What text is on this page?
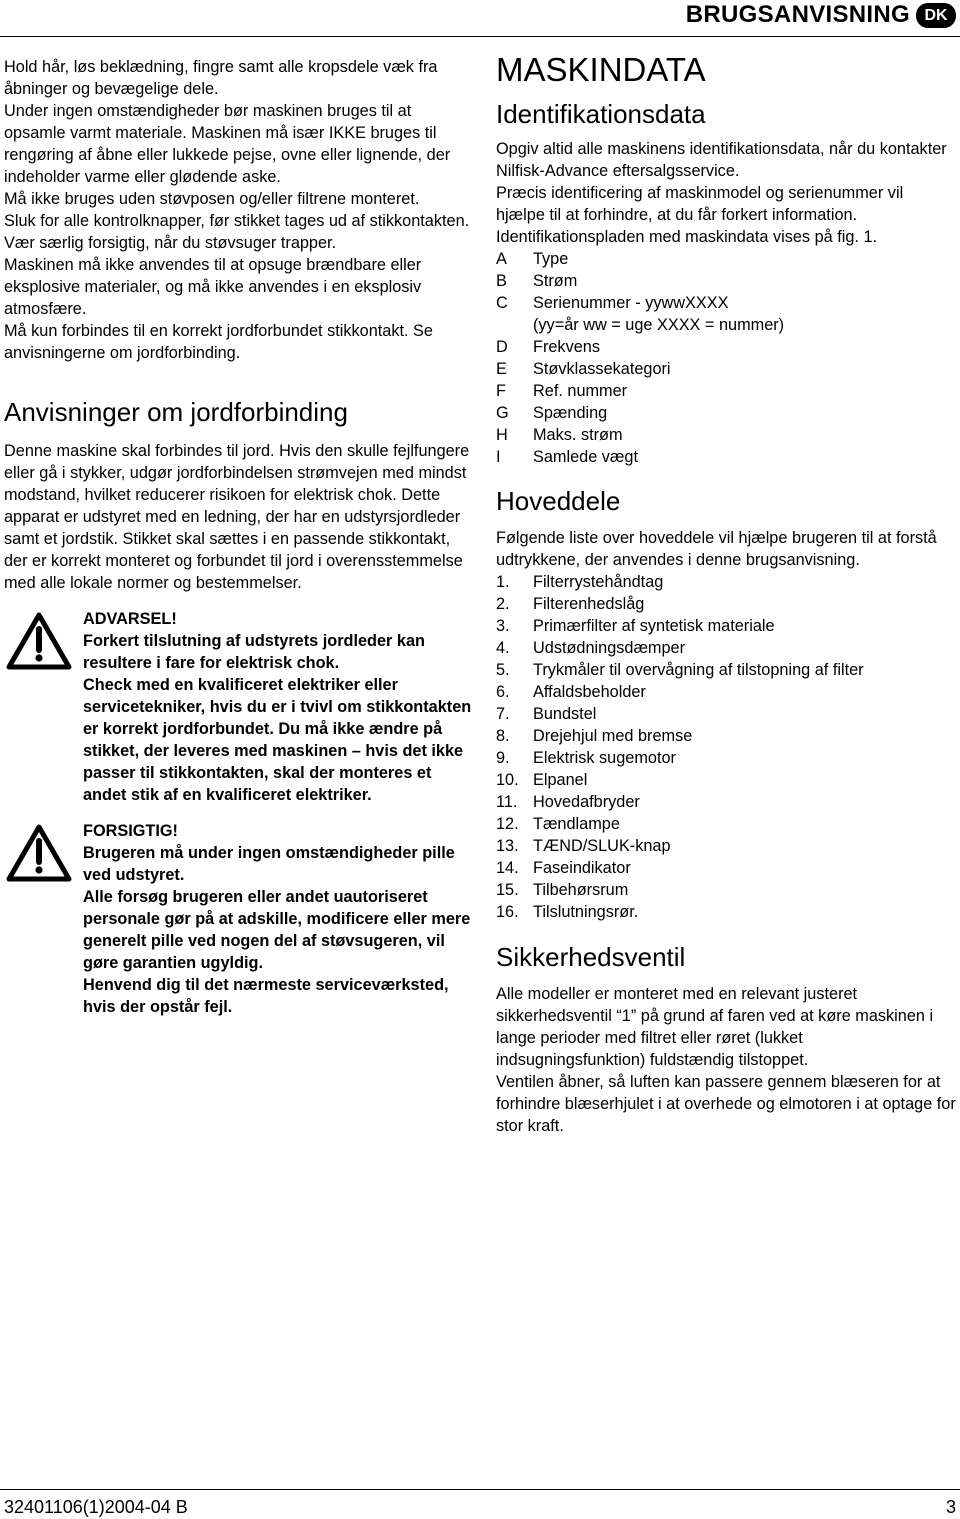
BRUGSANVISNING DK

Hold hår, løs beklædning, fingre samt alle kropsdele væk fra åbninger og bevægelige dele.

Under ingen omstændigheder bør maskinen bruges til at opsamle varmt materiale. Maskinen må især IKKE bruges til rengøring af åbne eller lukkede pejse, ovne eller lignende, der indeholder varme eller glødende aske.

Må ikke bruges uden støvposen og/eller filtrene monteret.

Sluk for alle kontrolknapper, før stikket tages ud af stikkontakten.

Vær særlig forsigtig, når du støvsuger trapper.

Maskinen må ikke anvendes til at opsuge brændbare eller eksplosive materialer, og må ikke anvendes i en eksplosiv atmosfære.

Må kun forbindes til en korrekt jordforbundet stikkontakt. Se anvisningerne om jordforbinding.

Anvisninger om jordforbinding

Denne maskine skal forbindes til jord. Hvis den skulle fejlfungere eller gå i stykker, udgør jordforbindelsen strømvejen med mindst modstand, hvilket reducerer risikoen for elektrisk chok. Dette apparat er udstyret med en ledning, der har en udstyrsjordleder samt et jordstik. Stikket skal sættes i en passende stikkontakt, der er korrekt monteret og forbundet til jord i overensstemmelse med alle lokale normer og bestemmelser.

ADVARSEL!

Forkert tilslutning af udstyrets jordleder kan resultere i fare for elektrisk chok.

Check med en kvalificeret elektriker eller servicetekniker, hvis du er i tvivl om stikkontakten er korrekt jordforbundet. Du må ikke ændre på stikket, der leveres med maskinen – hvis det ikke passer til stikkontakten, skal der monteres et andet stik af en kvalificeret elektriker.

FORSIGTIG!

Brugeren må under ingen omstændigheder pille ved udstyret.

Alle forsøg brugeren eller andet uautoriseret personale gør på at adskille, modificere eller mere generelt pille ved nogen del af støvsugeren, vil gøre garantien ugyldig.

Henvend dig til det nærmeste serviceværksted, hvis der opstår fejl.

MASKINDATA
Identifikationsdata

Opgiv altid alle maskinens identifikationsdata, når du kontakter Nilfisk-Advance eftersalgsservice.

Præcis identificering af maskinmodel og serienummer vil hjælpe til at forhindre, at du får forkert information.

Identifikationspladen med maskindata vises på fig. 1.

A	Type
B	Strøm
C	Serienummer - yywwXXXX
(yy=år ww = uge XXXX = nummer)
D	Frekvens
E	Støvklassekategori
F	Ref. nummer
G	Spænding
H	Maks. strøm
I	Samlede vægt
Hoveddele

Følgende liste over hoveddele vil hjælpe brugeren til at forstå udtrykkene, der anvendes i denne brugsanvisning.

1.	Filterrystehåndtag
2.	Filterenhedslåg
3.	Primærfilter af syntetisk materiale
4.	Udstødningsdæmper
5.	Trykmåler til overvågning af tilstopning af filter
6.	Affaldsbeholder
7.	Bundstel
8.	Drejehjul med bremse
9.	Elektrisk sugemotor
10. Elpanel
11. Hovedafbryder
12. Tændlampe
13. TÆND/SLUK-knap
14. Faseindikator
15. Tilbehørsrum
16. Tilslutningsrør.
Sikkerhedsventil

Alle modeller er monteret med en relevant justeret sikkerhedsventil “1” på grund af faren ved at køre maskinen i lange perioder med filtret eller røret (lukket indsugningsfunktion) fuldstændig tilstoppet.

Ventilen åbner, så luften kan passere gennem blæseren for at forhindre blæserhjulet i at overhede og elmotoren i at optage for stor kraft.

32401106(1)2004-04 B	3
